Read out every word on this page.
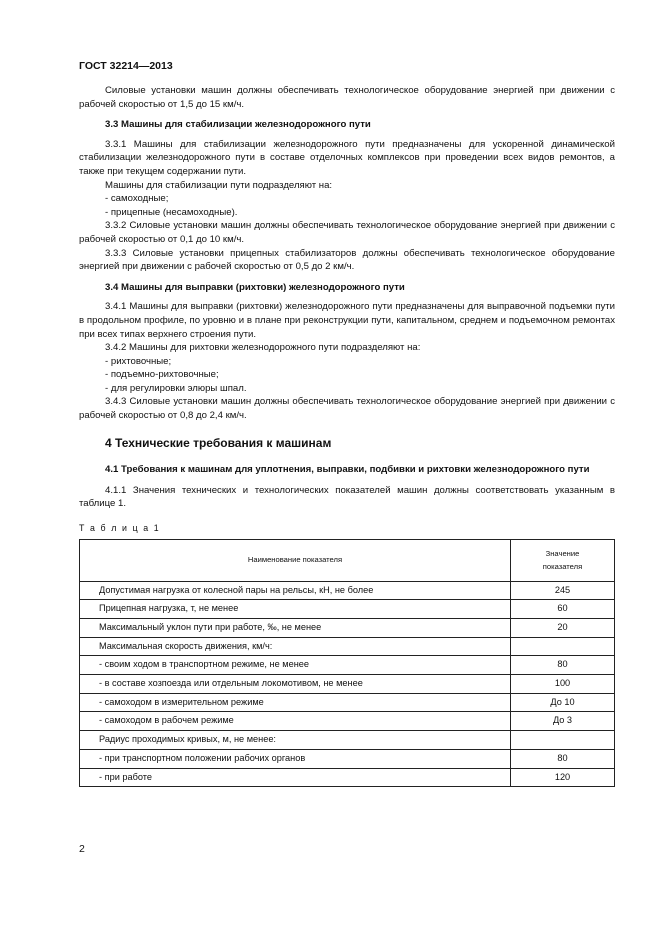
ГОСТ 32214—2013

Силовые установки машин должны обеспечивать технологическое оборудование энергией при движении с рабочей скоростью от 1,5 до 15 км/ч.

3.3 Машины для стабилизации железнодорожного пути

3.3.1 Машины для стабилизации железнодорожного пути предназначены для ускоренной динамической стабилизации железнодорожного пути в составе отделочных комплексов при проведении всех видов ремонтов, а также при текущем содержании пути.

Машины для стабилизации пути подразделяют на:

- самоходные;

- прицепные (несамоходные).

3.3.2 Силовые установки машин должны обеспечивать технологическое оборудование энергией при движении с рабочей скоростью от 0,1 до 10 км/ч.

3.3.3 Силовые установки прицепных стабилизаторов должны обеспечивать технологическое оборудование энергией при движении с рабочей скоростью от 0,5 до 2 км/ч.

3.4 Машины для выправки (рихтовки) железнодорожного пути

3.4.1 Машины для выправки (рихтовки) железнодорожного пути предназначены для выправочной подъемки пути в продольном профиле, по уровню и в плане при реконструкции пути, капитальном, среднем и подъемочном ремонтах при всех типах верхнего строения пути.

3.4.2 Машины для рихтовки железнодорожного пути подразделяют на:

- рихтовочные;

- подъемно-рихтовочные;

- для регулировки элюры шпал.

3.4.3 Силовые установки машин должны обеспечивать технологическое оборудование энергией при движении с рабочей скоростью от 0,8 до 2,4 км/ч.

4 Технические требования к машинам

4.1 Требования к машинам для уплотнения, выправки, подбивки и рихтовки железнодорожного пути

4.1.1 Значения технических и технологических показателей машин должны соответствовать указанным в таблице 1.

Т а б л и ц а 1
Наименование показателя	Значение
показателя
Допустимая нагрузка от колесной пары на рельсы, кН, не более	245
Прицепная нагрузка, т, не менее	60
Максимальный уклон пути при работе, ‰, не менее	20
Максимальная скорость движения, км/ч:	
- своим ходом в транспортном режиме, не менее	80
- в составе хозпоезда или отдельным локомотивом, не менее	100
- самоходом в измерительном режиме	До 10
- самоходом в рабочем режиме	До 3
Радиус проходимых кривых, м, не менее:	
- при транспортном положении рабочих органов	80
- при работе	120
2
